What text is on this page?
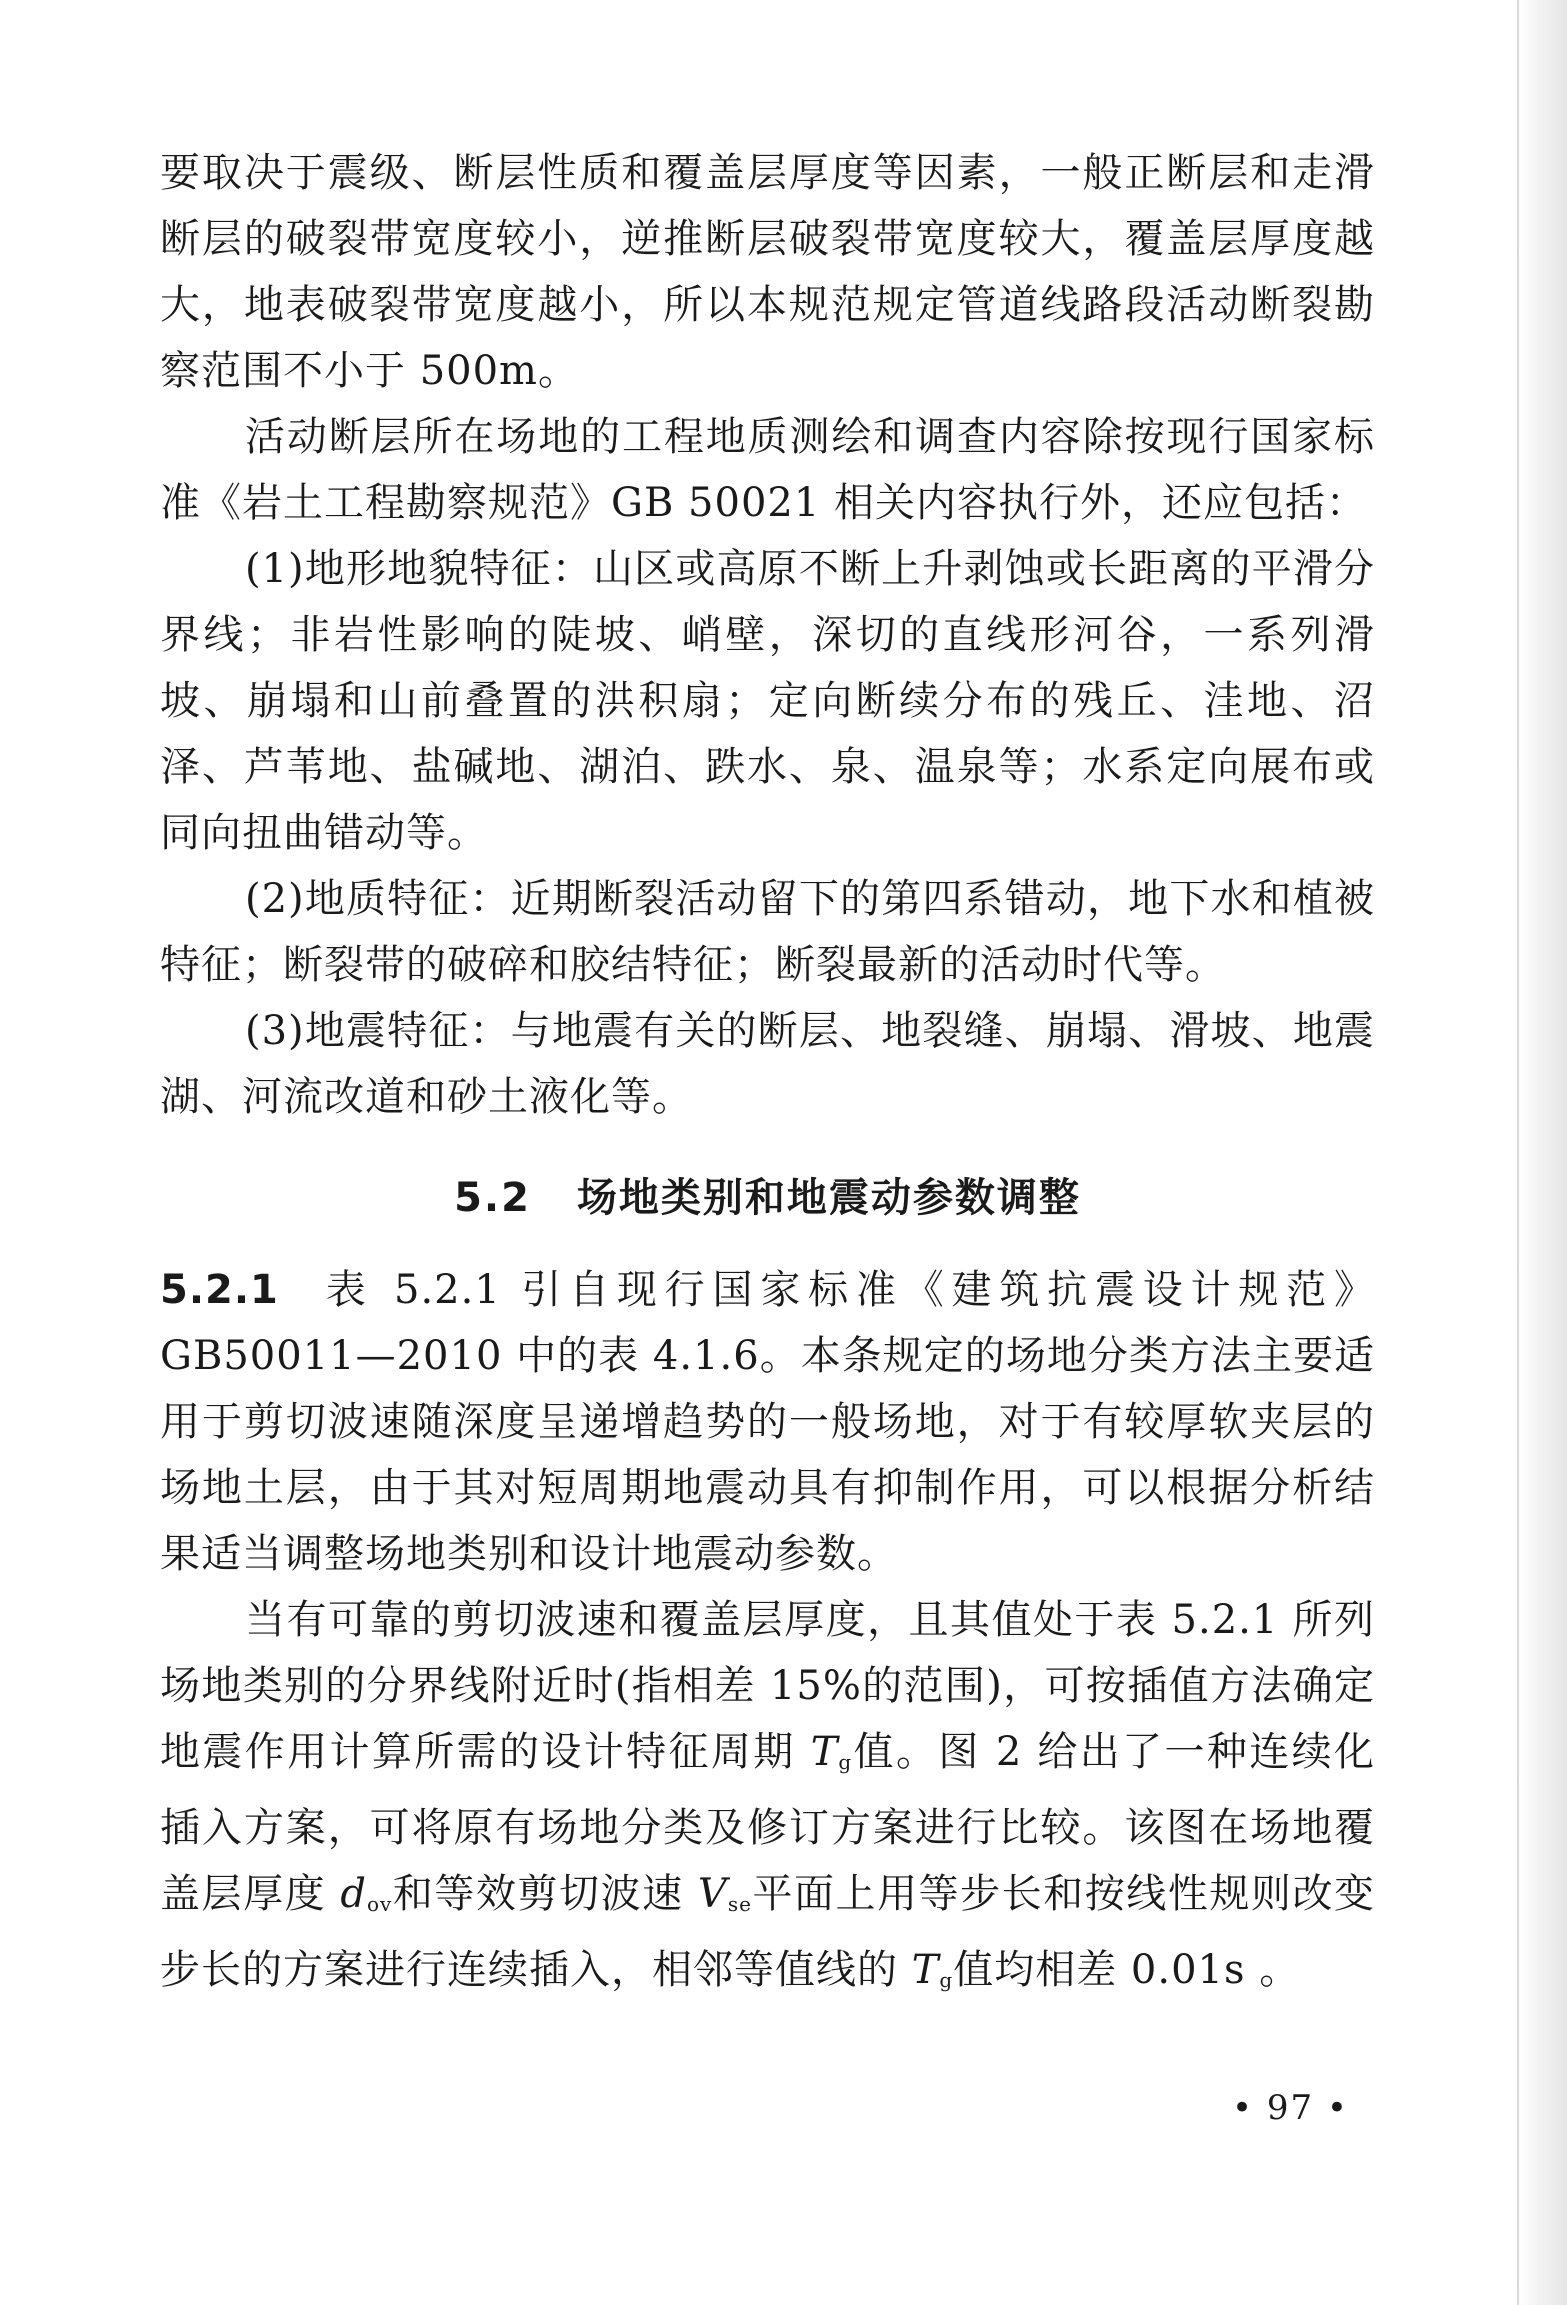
要取决于震级、断层性质和覆盖层厚度等因素，一般正断层和走滑断层的破裂带宽度较小，逆推断层破裂带宽度较大，覆盖层厚度越大，地表破裂带宽度越小，所以本规范规定管道线路段活动断裂勘察范围不小于 500m。

活动断层所在场地的工程地质测绘和调查内容除按现行国家标准《岩土工程勘察规范》GB 50021 相关内容执行外，还应包括：

(1)地形地貌特征：山区或高原不断上升剥蚀或长距离的平滑分界线；非岩性影响的陡坡、峭壁，深切的直线形河谷，一系列滑坡、崩塌和山前叠置的洪积扇；定向断续分布的残丘、洼地、沼泽、芦苇地、盐碱地、湖泊、跌水、泉、温泉等；水系定向展布或同向扭曲错动等。

(2)地质特征：近期断裂活动留下的第四系错动，地下水和植被特征；断裂带的破碎和胶结特征；断裂最新的活动时代等。

(3)地震特征：与地震有关的断层、地裂缝、崩塌、滑坡、地震湖、河流改道和砂土液化等。

5.2 场地类别和地震动参数调整

5.2.1 表 5.2.1 引自现行国家标准《建筑抗震设计规范》GB50011—2010 中的表 4.1.6。本条规定的场地分类方法主要适用于剪切波速随深度呈递增趋势的一般场地，对于有较厚软夹层的场地土层，由于其对短周期地震动具有抑制作用，可以根据分析结果适当调整场地类别和设计地震动参数。

当有可靠的剪切波速和覆盖层厚度，且其值处于表 5.2.1 所列场地类别的分界线附近时(指相差 15%的范围)，可按插值方法确定地震作用计算所需的设计特征周期 $T_g$值。图 2 给出了一种连续化插入方案，可将原有场地分类及修订方案进行比较。该图在场地覆盖层厚度 $d_{ov}$和等效剪切波速 $V_{se}$平面上用等步长和按线性规则改变步长的方案进行连续插入，相邻等值线的 $T_g$值均相差 0.01s 。

• 97 •
